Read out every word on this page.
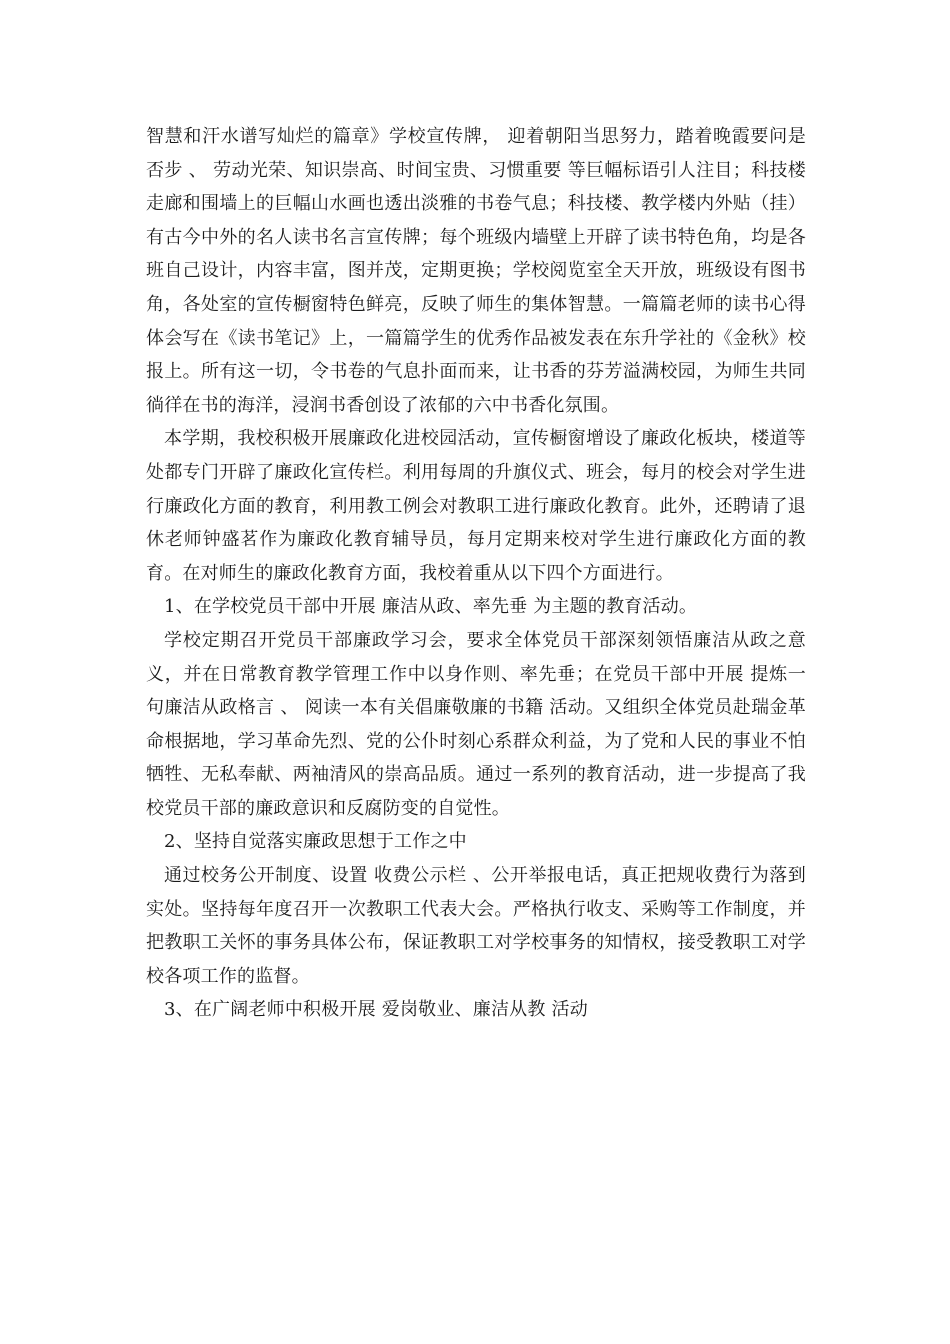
智慧和汗水谱写灿烂的篇章》学校宣传牌， 迎着朝阳当思努力，踏着晚霞要问是否步 、 劳动光荣、知识崇高、时间宝贵、习惯重要 等巨幅标语引人注目；科技楼走廊和围墙上的巨幅山水画也透出淡雅的书卷气息；科技楼、教学楼内外贴（挂）有古今中外的名人读书名言宣传牌；每个班级内墙壁上开辟了读书特色角，均是各班自己设计，内容丰富，图并茂，定期更换；学校阅览室全天开放，班级设有图书角，各处室的宣传橱窗特色鲜亮，反映了师生的集体智慧。一篇篇老师的读书心得体会写在《读书笔记》上，一篇篇学生的优秀作品被发表在东升学社的《金秋》校报上。所有这一切，令书卷的气息扑面而来，让书香的芬芳溢满校园，为师生共同徜徉在书的海洋，浸润书香创设了浓郁的六中书香化氛围。

本学期，我校积极开展廉政化进校园活动，宣传橱窗增设了廉政化板块，楼道等处都专门开辟了廉政化宣传栏。利用每周的升旗仪式、班会，每月的校会对学生进行廉政化方面的教育，利用教工例会对教职工进行廉政化教育。此外，还聘请了退休老师钟盛茗作为廉政化教育辅导员，每月定期来校对学生进行廉政化方面的教育。在对师生的廉政化教育方面，我校着重从以下四个方面进行。

1、在学校党员干部中开展 廉洁从政、率先垂 为主题的教育活动。

学校定期召开党员干部廉政学习会，要求全体党员干部深刻领悟廉洁从政之意义，并在日常教育教学管理工作中以身作则、率先垂；在党员干部中开展 提炼一句廉洁从政格言 、 阅读一本有关倡廉敬廉的书籍 活动。又组织全体党员赴瑞金革命根据地，学习革命先烈、党的公仆时刻心系群众利益，为了党和人民的事业不怕牺牲、无私奉献、两袖清风的崇高品质。通过一系列的教育活动，进一步提高了我校党员干部的廉政意识和反腐防变的自觉性。

2、坚持自觉落实廉政思想于工作之中

通过校务公开制度、设置 收费公示栏 、公开举报电话，真正把规收费行为落到实处。坚持每年度召开一次教职工代表大会。严格执行收支、采购等工作制度，并把教职工关怀的事务具体公布，保证教职工对学校事务的知情权，接受教职工对学校各项工作的监督。

3、在广阔老师中积极开展 爱岗敬业、廉洁从教 活动
